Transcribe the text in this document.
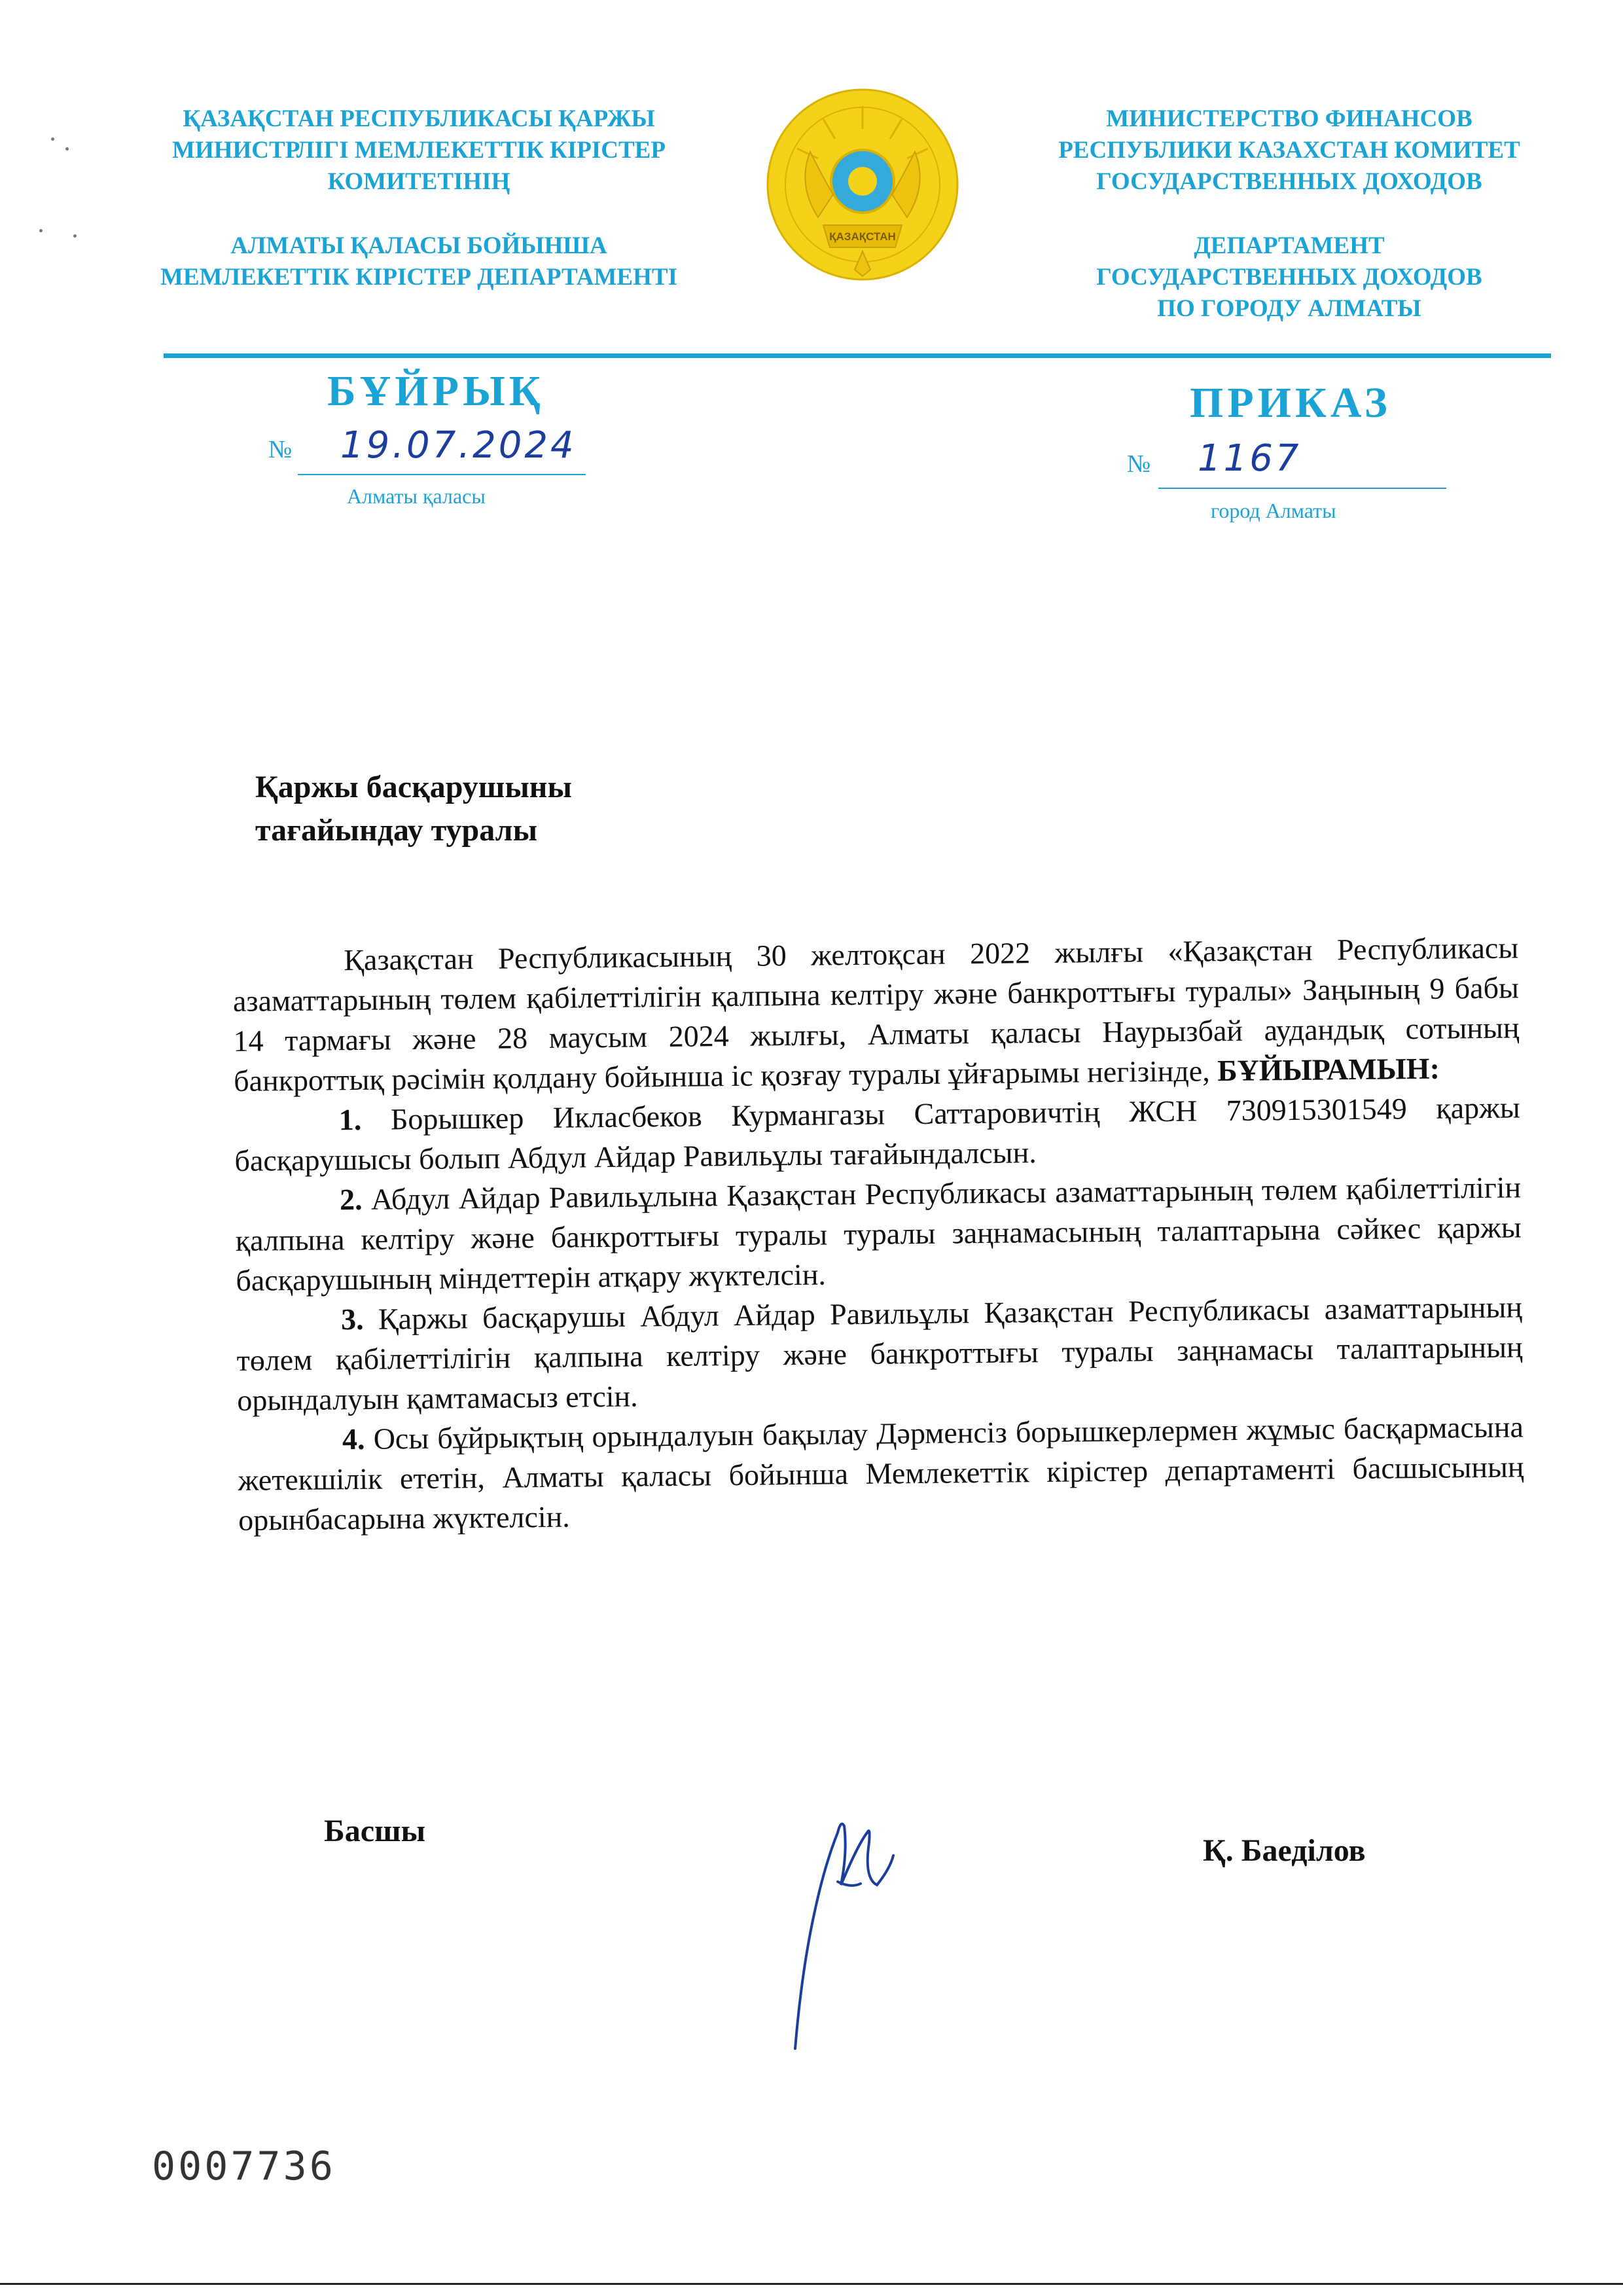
ҚАЗАҚСТАН РЕСПУБЛИКАСЫ ҚАРЖЫ

МИНИСТРЛІГІ МЕМЛЕКЕТТІК КІРІСТЕР

КОМИТЕТІНІҢ

АЛМАТЫ ҚАЛАСЫ БОЙЫНША

МЕМЛЕКЕТТІК КІРІСТЕР ДЕПАРТАМЕНТІ

ҚАЗАҚСТАН

МИНИСТЕРСТВО ФИНАНСОВ

РЕСПУБЛИКИ КАЗАХСТАН КОМИТЕТ

ГОСУДАРСТВЕННЫХ ДОХОДОВ

ДЕПАРТАМЕНТ

ГОСУДАРСТВЕННЫХ ДОХОДОВ

ПО ГОРОДУ АЛМАТЫ

БҰЙРЫҚ	ПРИКАЗ
№ 19.07.2024
Алматы қаласы
№ 1167
город Алматы

Қаржы басқарушыны

тағайындау туралы

Қазақстан Республикасының 30 желтоқсан 2022 жылғы «Қазақстан Республикасы азаматтарының төлем қабілеттілігін қалпына келтіру және банкроттығы туралы» Заңының 9 бабы 14 тармағы және 28 маусым 2024 жылғы, Алматы қаласы Наурызбай аудандық сотының банкроттық рәсімін қолдану бойынша іс қозғау туралы ұйғарымы негізінде, БҰЙЫРАМЫН:

1. Борышкер Икласбеков Курмангазы Саттаровичтің ЖСН 730915301549 қаржы басқарушысы болып Абдул Айдар Равильұлы тағайындалсын.

2. Абдул Айдар Равильұлына Қазақстан Республикасы азаматтарының төлем қабілеттілігін қалпына келтіру және банкроттығы туралы туралы заңнамасының талаптарына сәйкес қаржы басқарушының міндеттерін атқару жүктелсін.

3. Қаржы басқарушы Абдул Айдар Равильұлы Қазақстан Республикасы азаматтарының төлем қабілеттілігін қалпына келтіру және банкроттығы туралы заңнамасы талаптарының орындалуын қамтамасыз етсін.

4. Осы бұйрықтың орындалуын бақылау Дәрменсіз борышкерлермен жұмыс басқармасына жетекшілік ететін, Алматы қаласы бойынша Мемлекеттік кірістер департаменті басшысының орынбасарына жүктелсін.

Басшы
Қ. Баеділов
0007736
